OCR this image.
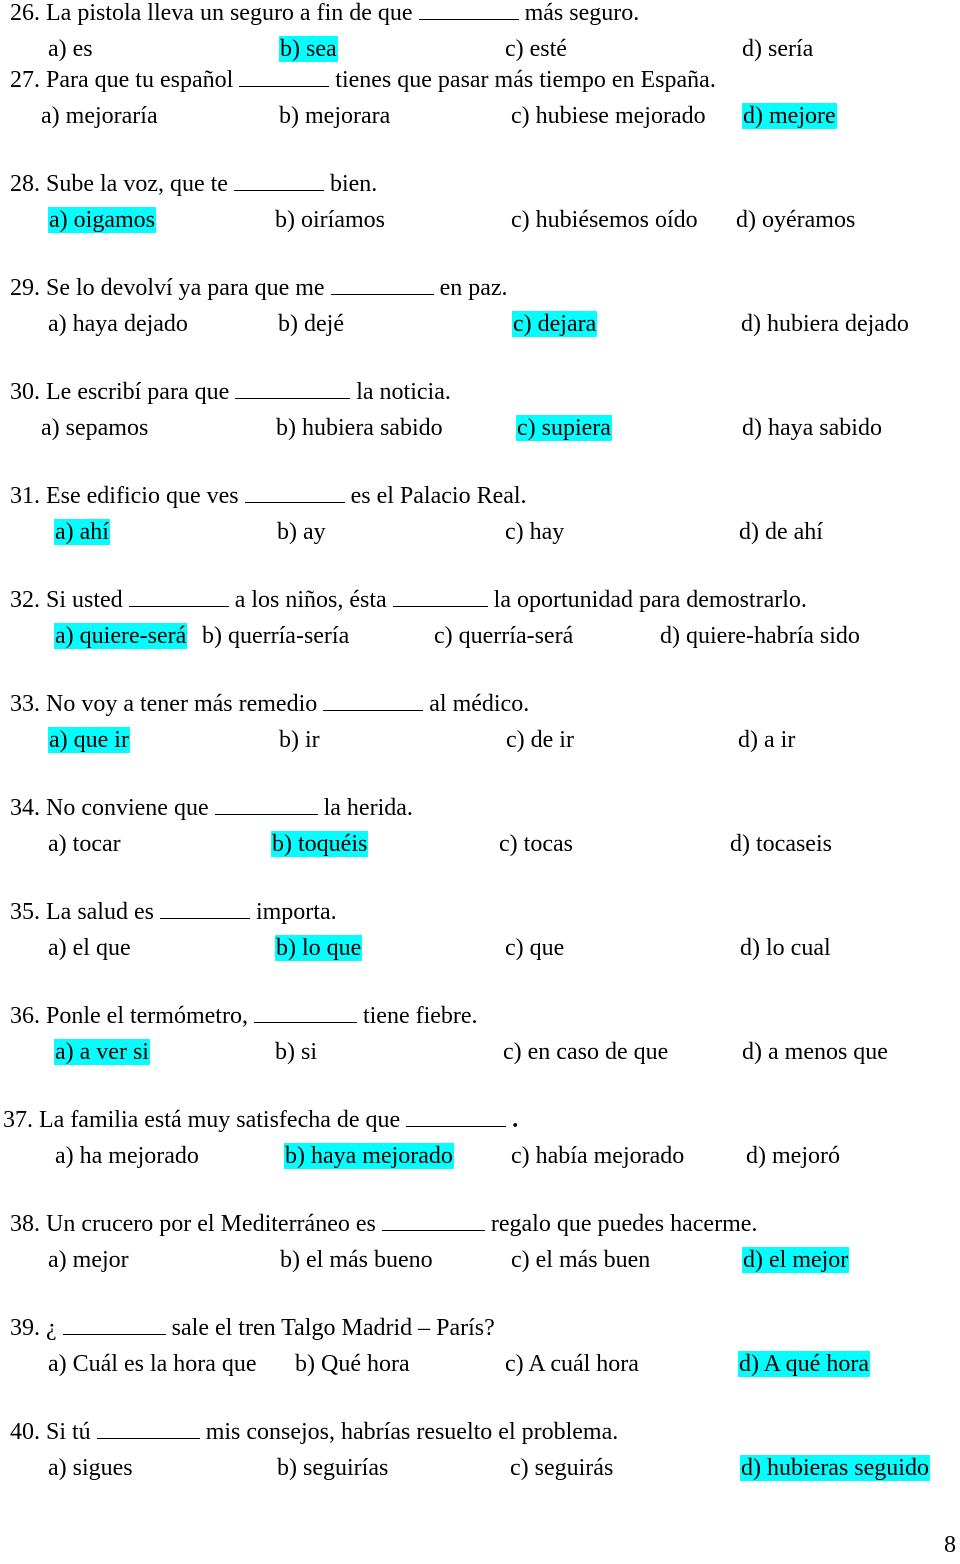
26. La pistola lleva un seguro a fin de que	más seguro.
a) es	b) sea	c) esté	d) sería
27. Para que tu español	tienes que pasar más tiempo en España.
a) mejoraría	b) mejorara	c) hubiese mejorado d) mejore
28. Sube la voz, que te	bien.
a) oigamos	b) oiríamos	c) hubiésemos oído d) oyéramos
29. Se lo devolví ya para que me	en paz.
a) haya dejado	b) dejé	c) dejara	d) hubiera dejado
30. Le escribí para que	la noticia.
a) sepamos	b) hubiera sabido	c) supiera	d) haya sabido
31. Ese edificio que ves	es el Palacio Real.
a) ahí	b) ay	c) hay	d) de ahí
32. Si usted	a los niños, ésta	la oportunidad para demostrarlo.
a) quiere-será b) querría-sería	c) querría-será	d) quiere-habría sido
33. No voy a tener más remedio	al médico.
a) que ir	b) ir	c) de ir	d) a ir
34. No conviene que	la herida.
a) tocar	b) toquéis	c) tocas	d) tocaseis
35. La salud es	importa.
a) el que	b) lo que	c) que	d) lo cual
36. Ponle el termómetro,	tiene fiebre.
a) a ver si	b) si	c) en caso de que	d) a menos que
37. La familia está muy satisfecha de que	.
a) ha mejorado	b) haya mejorado c) había mejorado	d) mejoró
38. Un crucero por el Mediterráneo es	regalo que puedes hacerme.
a) mejor	b) el más bueno	c) el más buen	d) el mejor
39. ¿	sale el tren Talgo Madrid – París?
a) Cuál es la hora que b) Qué hora	c) A cuál hora	d) A qué hora
40. Si tú	mis consejos, habrías resuelto el problema.
a) sigues	b) seguirías	c) seguirás	d) hubieras seguido
8
